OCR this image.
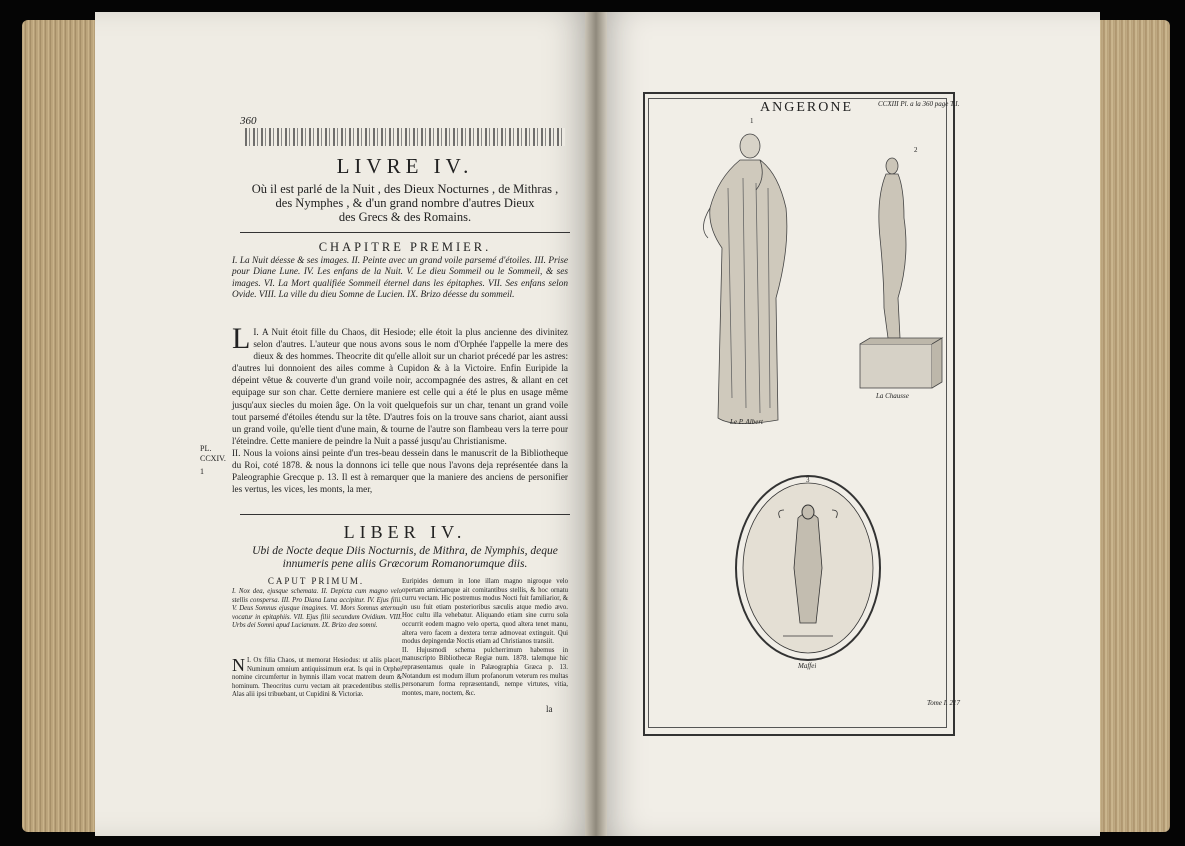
360

LIVRE IV.

Où il est parlé de la Nuit , des Dieux Nocturnes , de Mithras ,
des Nymphes , & d'un grand nombre d'autres Dieux
des Grecs & des Romains.

CHAPITRE PREMIER.

I. La Nuit déesse & ses images. II. Peinte avec un grand voile parsemé d'étoiles. III. Prise pour Diane Lune. IV. Les enfans de la Nuit. V. Le dieu Sommeil ou le Sommeil, & ses images. VI. La Mort qualifiée Sommeil éternel dans les épitaphes. VII. Ses enfans selon Ovide. VIII. La ville du dieu Somne de Lucien. IX. Brizo déesse du sommeil.

I.
L A Nuit étoit fille du Chaos, dit Hesiode; elle étoit la plus ancienne des divinitez selon d'autres. L'auteur que nous avons sous le nom d'Orphée l'appelle la mere des dieux & des hommes. Theocrite dit qu'elle alloit sur un chariot précedé par les astres: d'autres lui donnoient des ailes comme à Cupidon & à la Victoire. Enfin Euripide la dépeint vêtue & couverte d'un grand voile noir, accompagnée des astres, & allant en cet equipage sur son char. Cette derniere maniere est celle qui a été le plus en usage même jusqu'aux siecles du moien âge. On la voit quelquefois sur un char, tenant un grand voile tout parsemé d'étoiles étendu sur la tête. D'autres fois on la trouve sans chariot, aiant aussi un grand voile, qu'elle tient d'une main, & tourne de l'autre son flambeau vers la terre pour l'éteindre. Cette maniere de peindre la Nuit a passé jusqu'au Christianisme.
II. Nous la voions ainsi peinte d'un tres-beau dessein dans le manuscrit de la Bibliotheque du Roi, coté 1878. & nous la donnons ici telle que nous l'avons deja représentée dans la Paleographie Grecque p. 13. Il est à remarquer que la maniere des anciens de personifier les vertus, les vices, les monts, la mer,
PL. CCXIV.
1

LIBER IV.

Ubi de Nocte deque Diis Nocturnis, de Mithra, de Nymphis, deque
innumeris pene aliis Græcorum Romanorumque diis.

CAPUT PRIMUM.

I. Nox dea, ejusque schemata. II. Depicta cum magno velo stellis conspersa. III. Pro Diana Luna accipitur. IV. Ejus filii. V. Deus Somnus ejusque imagines. VI. Mors Somnus æternus vocatur in epitaphiis. VII. Ejus filii secundum Ovidium. VIII. Urbs dei Somni apud Lucianum. IX. Brizo dea somni.

I.
N Ox filia Chaos, ut memorat Hesiodus: ut aliis placet, Numinum omnium antiquissimum erat. Is qui in Orphei nomine circumfertur in hymnis illam vocat matrem deum & hominum. Theocritus curru vectam ait præcedentibus stellis. Alas alii ipsi tribuebant, ut Cupidini & Victoriæ.
Euripides demum in Ione illam magno nigroque velo opertam amictamque ait comitantibus stellis, & hoc ornatu curru vectam. Hic postremus modus Nocti fuit familiarior, & in usu fuit etiam posterioribus sæculis atque medio ævo. Hoc cultu illa vehebatur. Aliquando etiam sine curru sola occurrit eodem magno velo operta, quod altera tenet manu, altera vero facem a dextera terræ admoveat extinguit. Qui modus depingendæ Noctis etiam ad Christianos transiit.
II. Hujusmodi schema pulcherrimum habemus in manuscripto Bibliothecæ Regiæ num. 1878. talemque hic repræsentamus quale in Palæographia Græca p. 13. Notandum est modum illum profanorum veterum res multas personarum forma repræsentandi, nempe virtutes, vitia, montes, mare, noctem, &c.

la

ANGERONE	CCXIII Pl. a la 360 page T.I.

1

Le P. Albert

2

La Chausse

3

Maffei

Tome I. 217
